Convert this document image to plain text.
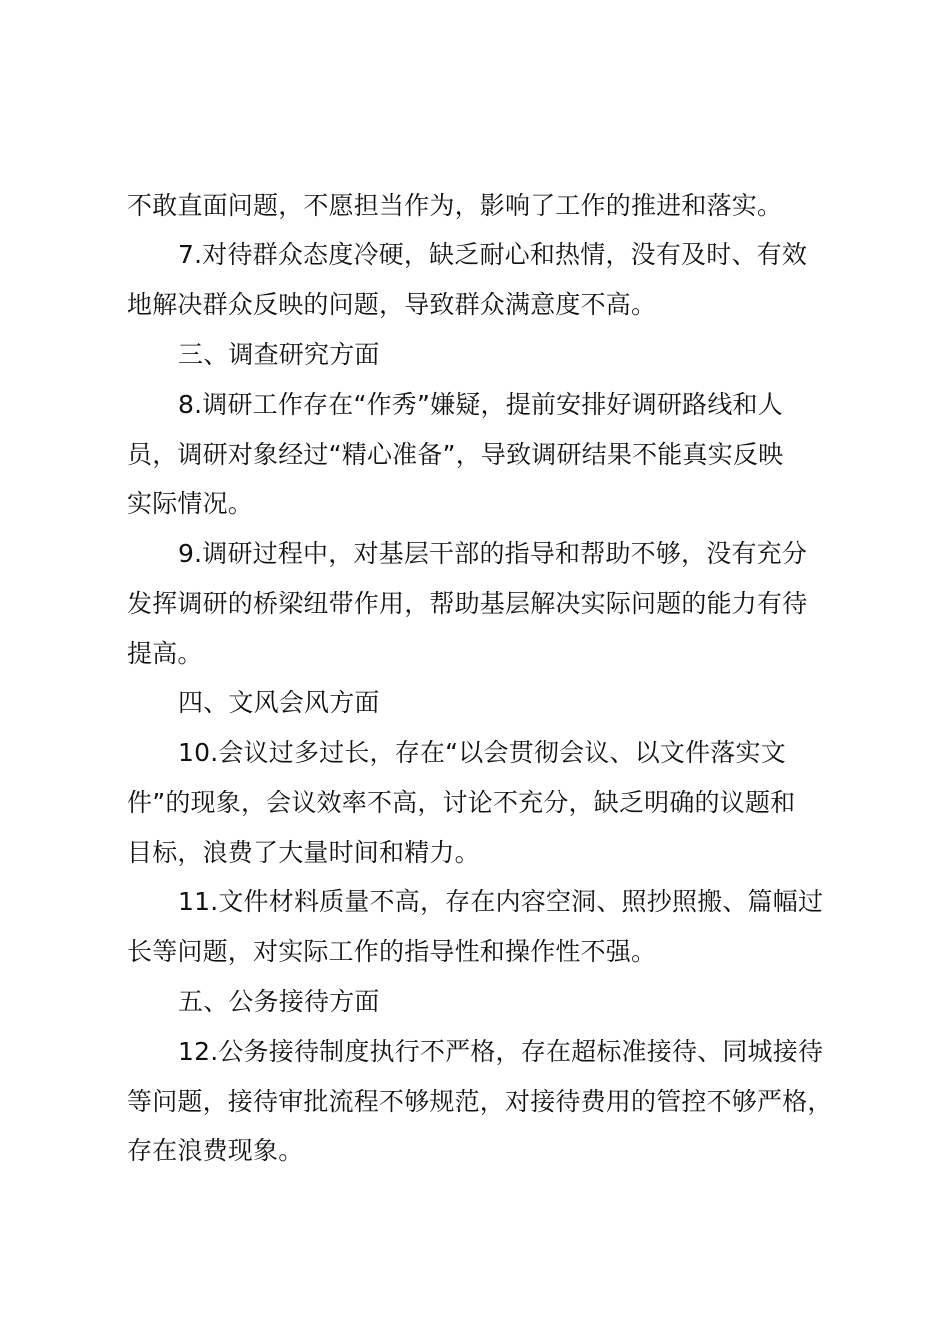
不敢直面问题，不愿担当作为，影响了工作的推进和落实。
7.对待群众态度冷硬，缺乏耐心和热情，没有及时、有效
地解决群众反映的问题，导致群众满意度不高。
三、调查研究方面
8.调研工作存在“作秀”嫌疑，提前安排好调研路线和人
员，调研对象经过“精心准备”，导致调研结果不能真实反映
实际情况。
9.调研过程中，对基层干部的指导和帮助不够，没有充分
发挥调研的桥梁纽带作用，帮助基层解决实际问题的能力有待
提高。
四、文风会风方面
10.会议过多过长，存在“以会贯彻会议、以文件落实文
件”的现象，会议效率不高，讨论不充分，缺乏明确的议题和
目标，浪费了大量时间和精力。
11.文件材料质量不高，存在内容空洞、照抄照搬、篇幅过
长等问题，对实际工作的指导性和操作性不强。
五、公务接待方面
12.公务接待制度执行不严格，存在超标准接待、同城接待
等问题，接待审批流程不够规范，对接待费用的管控不够严格，
存在浪费现象。
